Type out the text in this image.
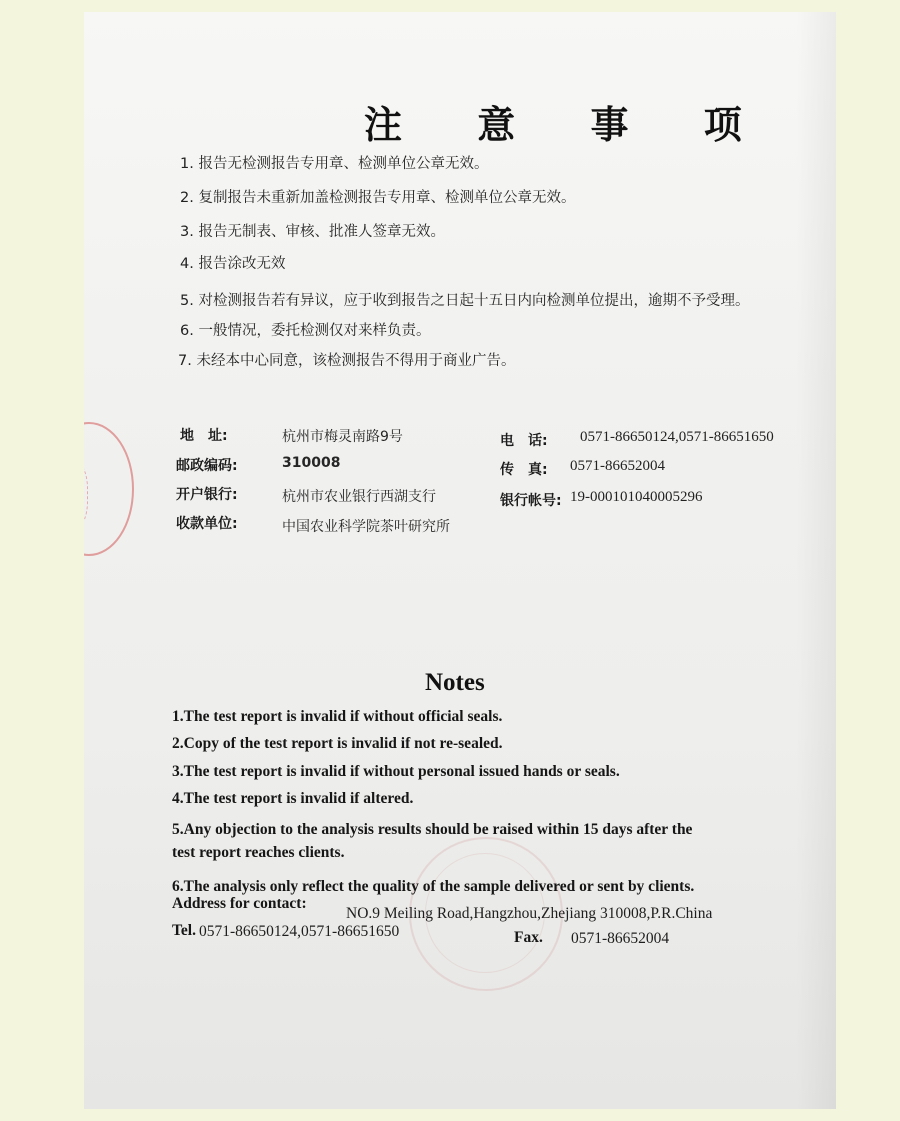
注 意 事 项
1. 报告无检测报告专用章、检测单位公章无效。
2. 复制报告未重新加盖检测报告专用章、检测单位公章无效。
3. 报告无制表、审核、批准人签章无效。
4. 报告涂改无效
5. 对检测报告若有异议，应于收到报告之日起十五日内向检测单位提出，逾期不予受理。
6. 一般情况，委托检测仅对来样负责。
7. 未经本中心同意，该检测报告不得用于商业广告。
地　址:	杭州市梅灵南路9号
邮政编码:	310008
开户银行:	杭州市农业银行西湖支行
收款单位:	中国农业科学院茶叶研究所
电　话: 0571-86650124,0571-86651650
传　真: 0571-86652004
银行帐号: 19-000101040005296
Notes
1.The test report is invalid if without official seals.
2.Copy of the test report is invalid if not re-sealed.
3.The test report is invalid if without personal issued hands or seals.
4.The test report is invalid if altered.
5.Any objection to the analysis results should be raised within 15 days after the
test report reaches clients.
6.The analysis only reflect the quality of the sample delivered or sent by clients.
Address for contact:
NO.9 Meiling Road,Hangzhou,Zhejiang 310008,P.R.China
Tel. 0571-86650124,0571-86651650	Fax. 0571-86652004
